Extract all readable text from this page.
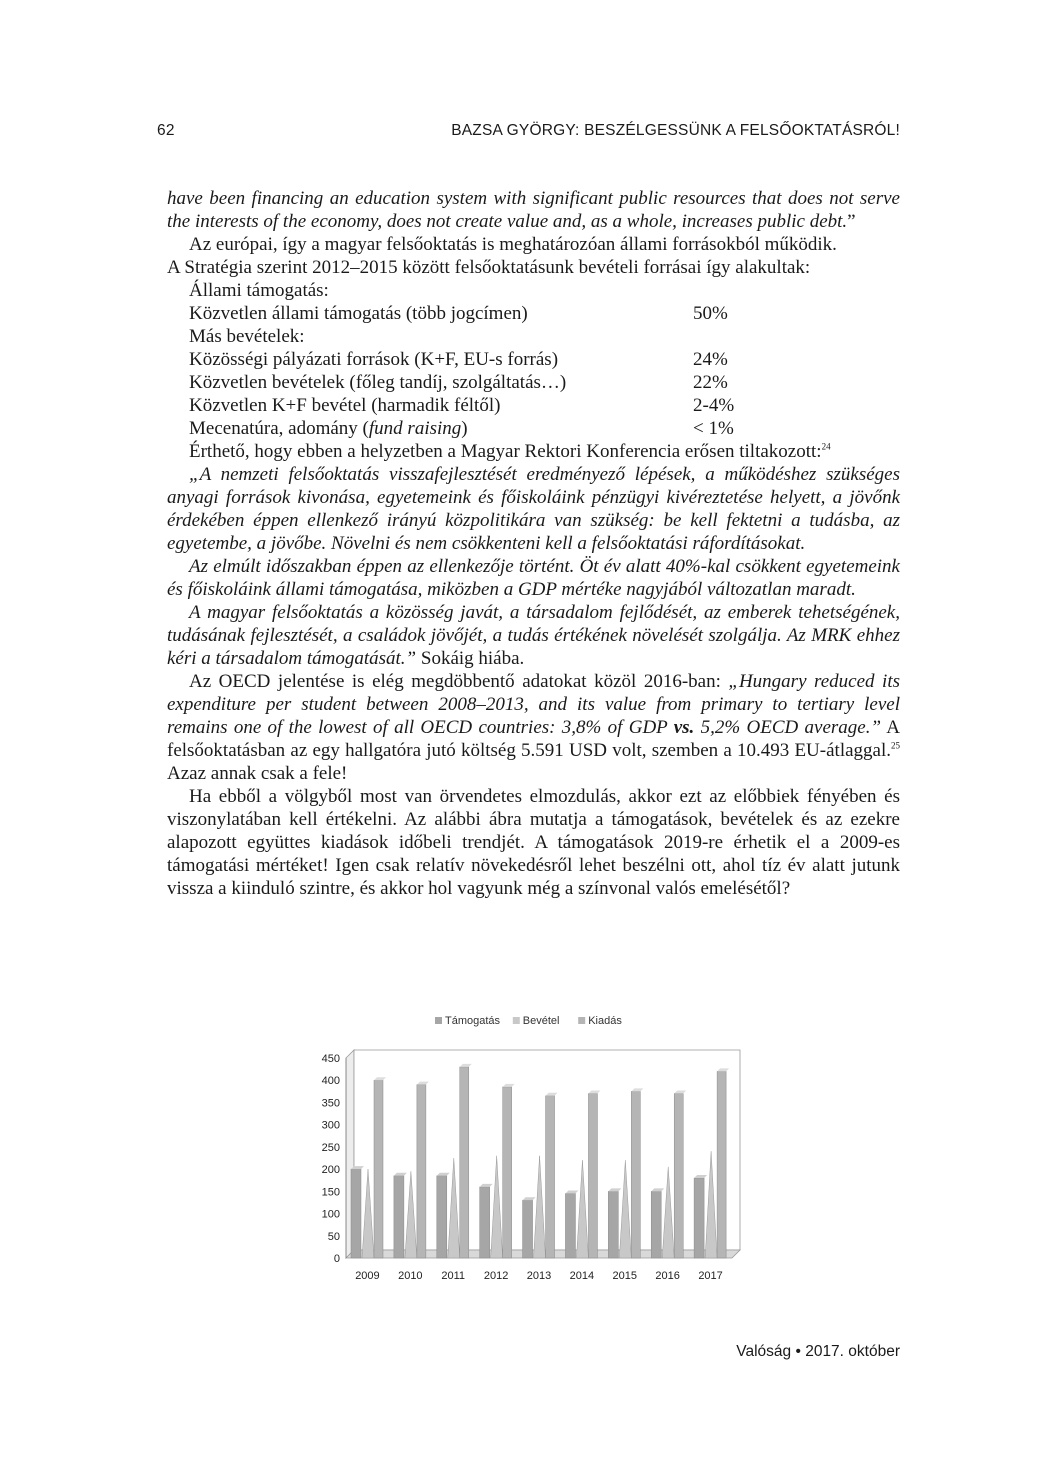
62	BAZSA GYÖRGY: BESZÉLGESSÜNK A FELSŐOKTATÁSRÓL!

have been financing an education system with significant public resources that does not serve the interests of the economy, does not create value and, as a whole, increases public debt.”

Az európai, így a magyar felsőoktatás is meghatározóan állami forrásokból működik.

A Stratégia szerint 2012–2015 között felsőoktatásunk bevételi forrásai így alakultak:

Állami támogatás:
Közvetlen állami támogatás (több jogcímen)	50%
Más bevételek:
Közösségi pályázati források (K+F, EU-s forrás)	24%
Közvetlen bevételek (főleg tandíj, szolgáltatás…)	22%
Közvetlen K+F bevétel (harmadik féltől)	2-4%
Mecenatúra, adomány (fund raising)	< 1%

Érthető, hogy ebben a helyzetben a Magyar Rektori Konferencia erősen tiltakozott:$^{24}$

„A nemzeti felsőoktatás visszafejlesztését eredményező lépések, a működéshez szükséges anyagi források kivonása, egyetemeink és főiskoláink pénzügyi kivéreztetése helyett, a jövőnk érdekében éppen ellenkező irányú közpolitikára van szükség: be kell fektetni a tudásba, az egyetembe, a jövőbe. Növelni és nem csökkenteni kell a felsőoktatási ráfordításokat.

Az elmúlt időszakban éppen az ellenkezője történt. Öt év alatt 40%-kal csökkent egyetemeink és főiskoláink állami támogatása, miközben a GDP mértéke nagyjából változatlan maradt.

A magyar felsőoktatás a közösség javát, a társadalom fejlődését, az emberek tehetségének, tudásának fejlesztését, a családok jövőjét, a tudás értékének növelését szolgálja. Az MRK ehhez kéri a társadalom támogatását.” Sokáig hiába.

Az OECD jelentése is elég megdöbbentő adatokat közöl 2016-ban: „Hungary reduced its expenditure per student between 2008–2013, and its value from primary to tertiary level remains one of the lowest of all OECD countries: 3,8% of GDP vs. 5,2% OECD average.” A felsőoktatásban az egy hallgatóra jutó költség 5.591 USD volt, szemben a 10.493 EU-átlaggal.$^{25}$ Azaz annak csak a fele!

Ha ebből a völgyből most van örvendetes elmozdulás, akkor ezt az előbbiek fényében és viszonylatában kell értékelni. Az alábbi ábra mutatja a támogatások, bevételek és az ezekre alapozott együttes kiadások időbeli trendjét. A támogatások 2019-re érhetik el a 2009-es támogatási mértéket! Igen csak relatív növekedésről lehet beszélni ott, ahol tíz év alatt jutunk vissza a kiinduló szintre, és akkor hol vagyunk még a színvonal valós emelésétől?

0
50
100
150
200
250
300
350
400
450
2009 2010 2011 2012 2013 2014 2015 2016 2017
Támogatás Bevétel	Kiadás
Valóság • 2017. október
